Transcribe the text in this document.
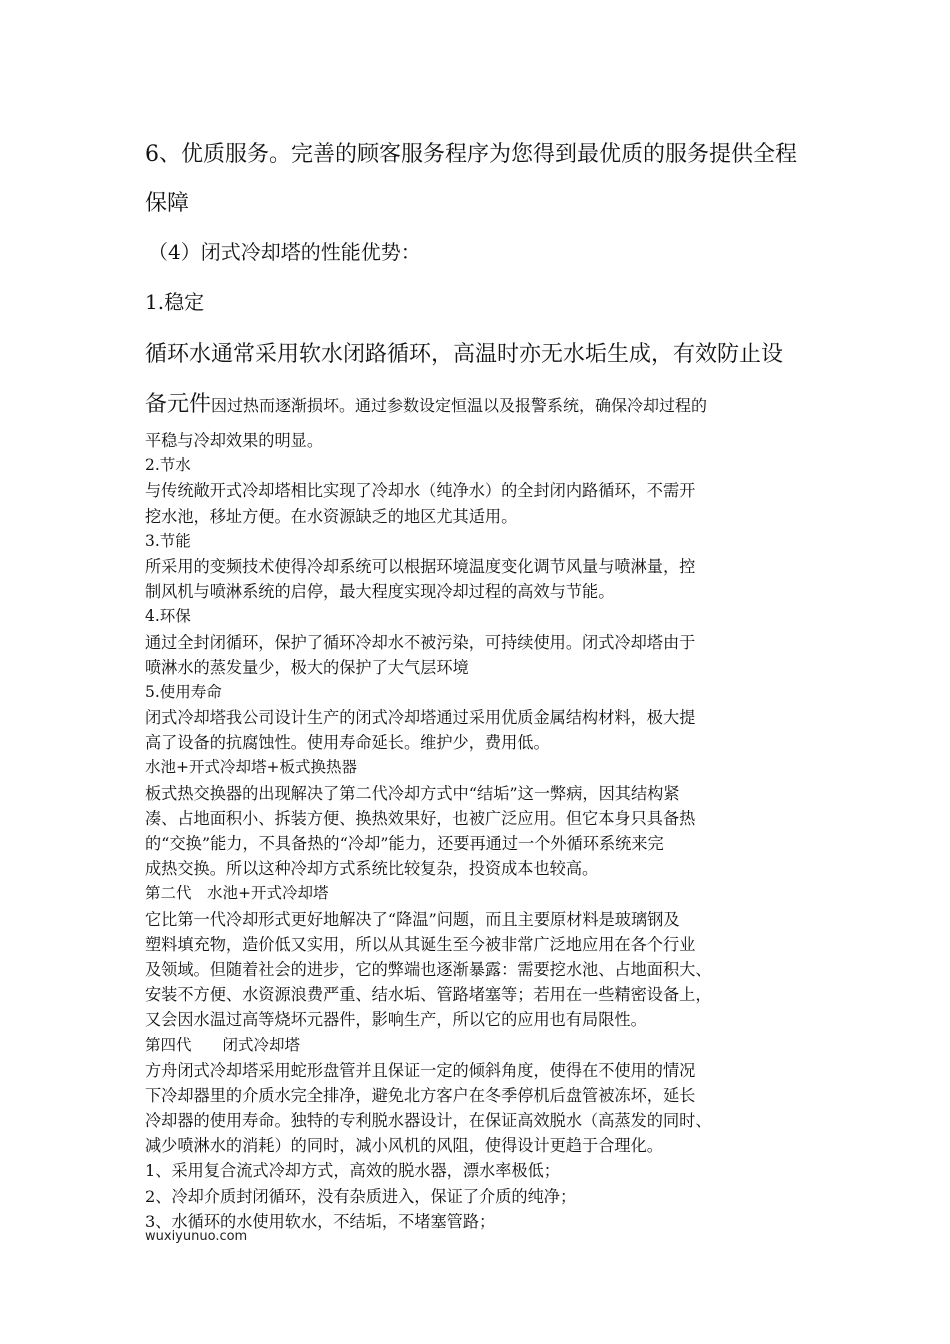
6、优质服务。完善的顾客服务程序为您得到最优质的服务提供全程
保障
（4）闭式冷却塔的性能优势：
1.稳定
循环水通常采用软水闭路循环，高温时亦无水垢生成，有效防止设
备元件因过热而逐渐损坏。通过参数设定恒温以及报警系统，确保冷却过程的
平稳与冷却效果的明显。
2.节水
与传统敞开式冷却塔相比实现了冷却水（纯净水）的全封闭内路循环，不需开
挖水池，移址方便。在水资源缺乏的地区尤其适用。
3.节能
所采用的变频技术使得冷却系统可以根据环境温度变化调节风量与喷淋量，控
制风机与喷淋系统的启停，最大程度实现冷却过程的高效与节能。
4.环保
通过全封闭循环，保护了循环冷却水不被污染，可持续使用。闭式冷却塔由于
喷淋水的蒸发量少，极大的保护了大气层环境
5.使用寿命
闭式冷却塔我公司设计生产的闭式冷却塔通过采用优质金属结构材料，极大提
高了设备的抗腐蚀性。使用寿命延长。维护少，费用低。
水池+开式冷却塔+板式换热器
板式热交换器的出现解决了第二代冷却方式中“结垢”这一弊病，因其结构紧
凑、占地面积小、拆装方便、换热效果好，也被广泛应用。但它本身只具备热
的“交换”能力，不具备热的“冷却”能力，还要再通过一个外循环系统来完
成热交换。所以这种冷却方式系统比较复杂，投资成本也较高。
第二代　水池+开式冷却塔
它比第一代冷却形式更好地解决了“降温”问题，而且主要原材料是玻璃钢及
塑料填充物，造价低又实用，所以从其诞生至今被非常广泛地应用在各个行业
及领域。但随着社会的进步，它的弊端也逐渐暴露：需要挖水池、占地面积大、
安装不方便、水资源浪费严重、结水垢、管路堵塞等；若用在一些精密设备上，
又会因水温过高等烧坏元器件，影响生产，所以它的应用也有局限性。
第四代　　闭式冷却塔
方舟闭式冷却塔采用蛇形盘管并且保证一定的倾斜角度，使得在不使用的情况
下冷却器里的介质水完全排净，避免北方客户在冬季停机后盘管被冻坏，延长
冷却器的使用寿命。独特的专利脱水器设计，在保证高效脱水（高蒸发的同时、
减少喷淋水的消耗）的同时，减小风机的风阻，使得设计更趋于合理化。
1、采用复合流式冷却方式，高效的脱水器，漂水率极低；
2、冷却介质封闭循环，没有杂质进入，保证了介质的纯净；
3、水循环的水使用软水，不结垢，不堵塞管路；
wuxiyunuo.com
